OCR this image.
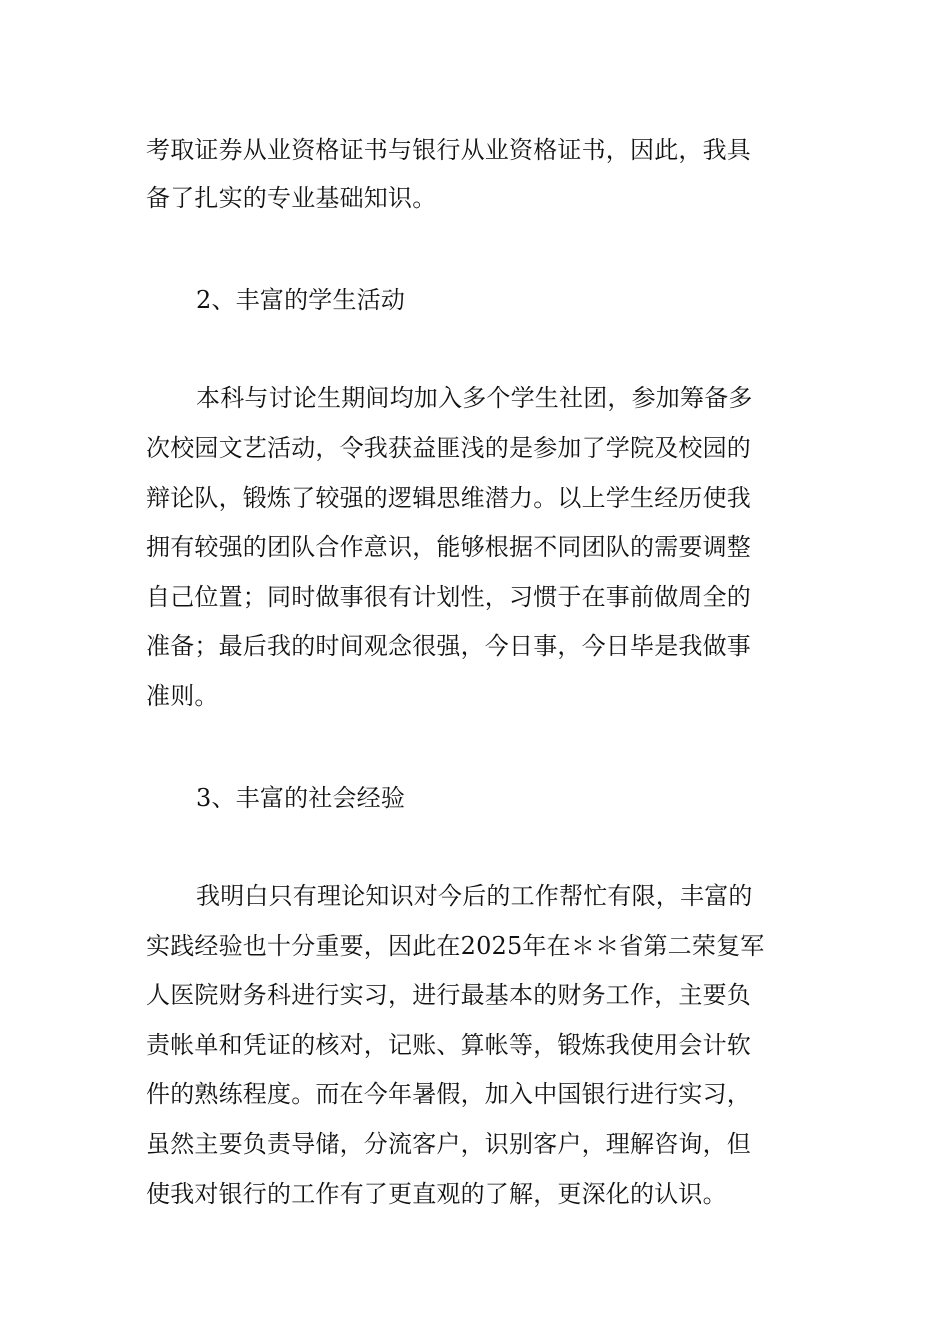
考取证券从业资格证书与银行从业资格证书，因此，我具
备了扎实的专业基础知识。
2、丰富的学生活动
本科与讨论生期间均加入多个学生社团，参加筹备多
次校园文艺活动，令我获益匪浅的是参加了学院及校园的
辩论队，锻炼了较强的逻辑思维潜力。以上学生经历使我
拥有较强的团队合作意识，能够根据不同团队的需要调整
自己位置；同时做事很有计划性，习惯于在事前做周全的
准备；最后我的时间观念很强，今日事，今日毕是我做事
准则。
3、丰富的社会经验
我明白只有理论知识对今后的工作帮忙有限，丰富的
实践经验也十分重要，因此在2025年在＊＊省第二荣复军
人医院财务科进行实习，进行最基本的财务工作，主要负
责帐单和凭证的核对，记账、算帐等，锻炼我使用会计软
件的熟练程度。而在今年暑假，加入中国银行进行实习，
虽然主要负责导储，分流客户，识别客户，理解咨询，但
使我对银行的工作有了更直观的了解，更深化的认识。
